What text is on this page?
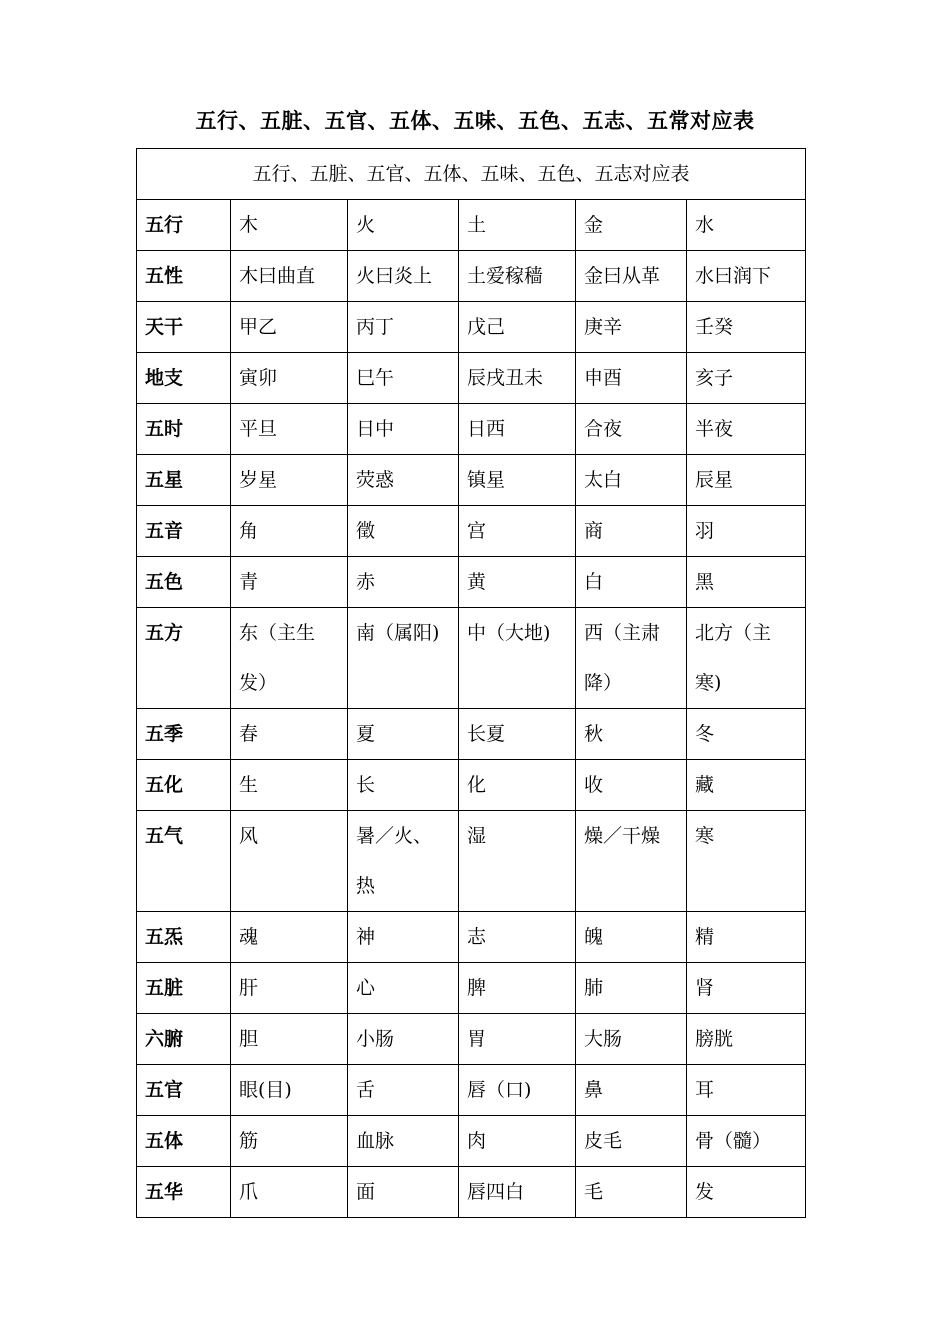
五行、五脏、五官、五体、五味、五色、五志、五常对应表
五行、五脏、五官、五体、五味、五色、五志对应表					
五行	木	火	土	金	水
五性	木曰曲直	火曰炎上	土爱稼穑	金曰从革	水曰润下
天干	甲乙	丙丁	戊己	庚辛	壬癸
地支	寅卯	巳午	辰戌丑未	申酉	亥子
五时	平旦	日中	日西	合夜	半夜
五星	岁星	荧惑	镇星	太白	辰星
五音	角	徵	宫	商	羽
五色	青	赤	黄	白	黑
五方	东（主生发）	南（属阳)	中（大地)	西（主肃降）	北方（主寒)
五季	春	夏	长夏	秋	冬
五化	生	长	化	收	藏
五气	风	暑／火、热	湿	燥／干燥	寒
五炁	魂	神	志	魄	精
五脏	肝	心	脾	肺	肾
六腑	胆	小肠	胃	大肠	膀胱
五官	眼(目)	舌	唇（口)	鼻	耳
五体	筋	血脉	肉	皮毛	骨（髓）
五华	爪	面	唇四白	毛	发
